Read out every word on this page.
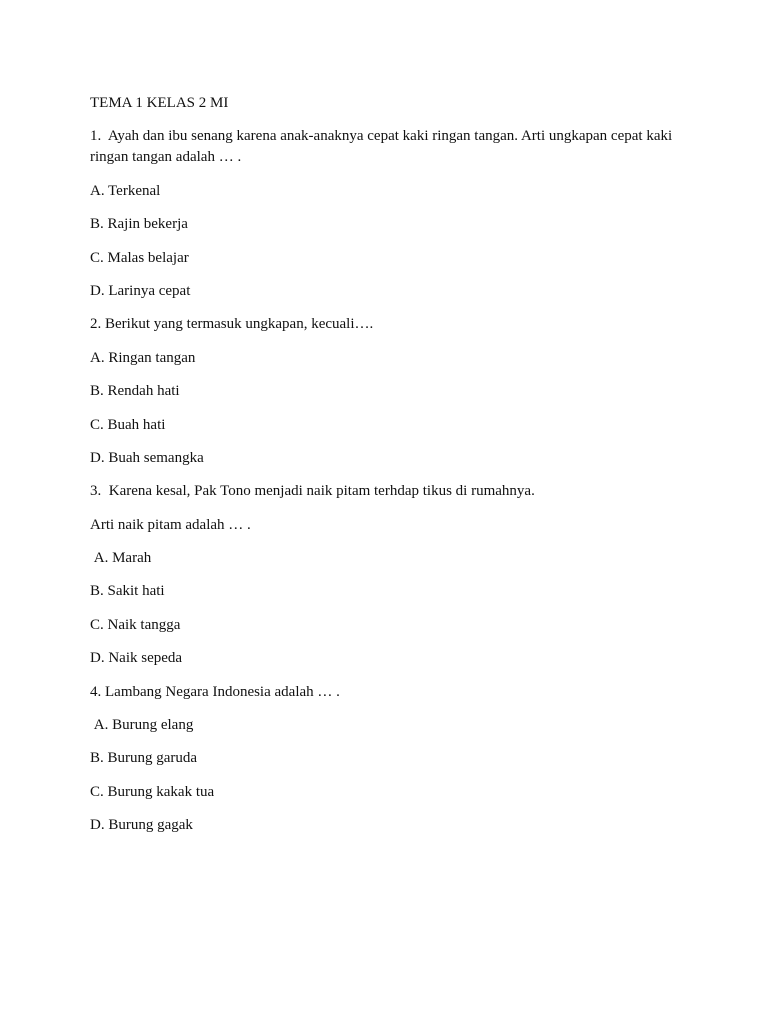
TEMA 1 KELAS 2 MI
1.  Ayah dan ibu senang karena anak-anaknya cepat kaki ringan tangan. Arti ungkapan cepat kaki ringan tangan adalah … .
A. Terkenal
B. Rajin bekerja
C. Malas belajar
D. Larinya cepat
2. Berikut yang termasuk ungkapan, kecuali….
A. Ringan tangan
B. Rendah hati
C. Buah hati
D. Buah semangka
3.  Karena kesal, Pak Tono menjadi naik pitam terhdap tikus di rumahnya.
Arti naik pitam adalah … .
A. Marah
B. Sakit hati
C. Naik tangga
D. Naik sepeda
4. Lambang Negara Indonesia adalah … .
A. Burung elang
B. Burung garuda
C. Burung kakak tua
D. Burung gagak
